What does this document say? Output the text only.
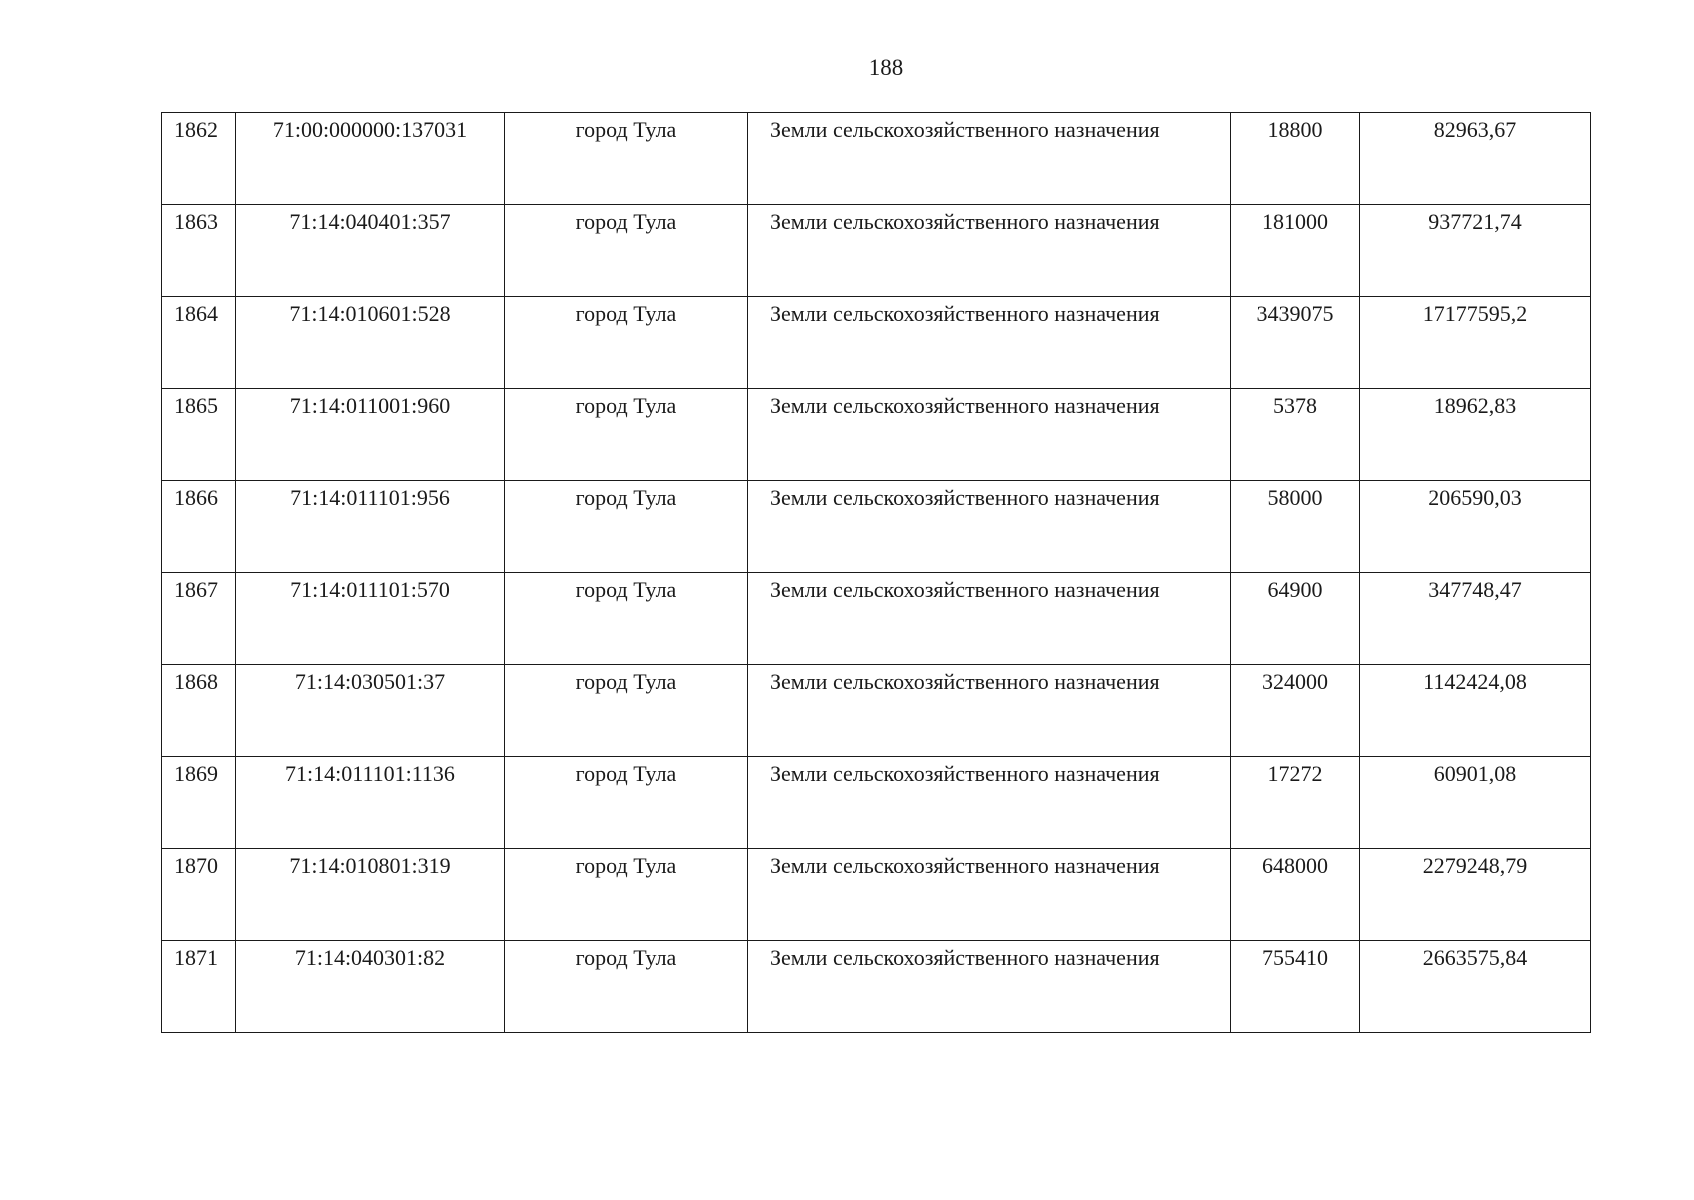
188
1862	71:00:000000:137031	город Тула	Земли сельскохозяйственного назначения	18800	82963,67
1863	71:14:040401:357	город Тула	Земли сельскохозяйственного назначения	181000	937721,74
1864	71:14:010601:528	город Тула	Земли сельскохозяйственного назначения	3439075	17177595,2
1865	71:14:011001:960	город Тула	Земли сельскохозяйственного назначения	5378	18962,83
1866	71:14:011101:956	город Тула	Земли сельскохозяйственного назначения	58000	206590,03
1867	71:14:011101:570	город Тула	Земли сельскохозяйственного назначения	64900	347748,47
1868	71:14:030501:37	город Тула	Земли сельскохозяйственного назначения	324000	1142424,08
1869	71:14:011101:1136	город Тула	Земли сельскохозяйственного назначения	17272	60901,08
1870	71:14:010801:319	город Тула	Земли сельскохозяйственного назначения	648000	2279248,79
1871	71:14:040301:82	город Тула	Земли сельскохозяйственного назначения	755410	2663575,84
